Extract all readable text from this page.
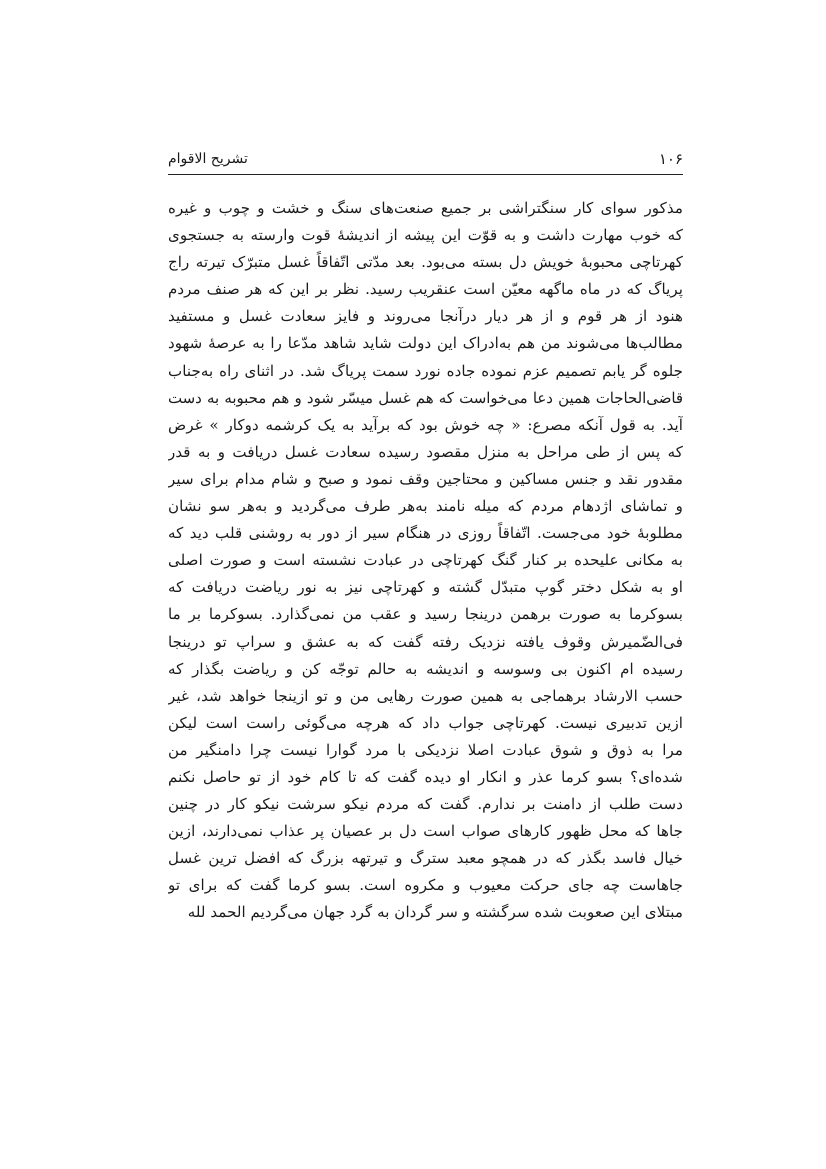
۱۰۶
تشریح الاقوام
مذکور سوای کار سنگتراشی بر جمیع صنعت‌های سنگ و خشت و چوب و غیره
که خوب مهارت داشت و به قوّت این پیشه از اندیشهٔ قوت وارسته به جستجوی
کهرتاچی محبوبهٔ خویش دل بسته می‌بود. بعد مدّتی اتّفاقاً غسل متبرّک تیرته راج
پریاگ که در ماه ماگهه معیّن است عنقریب رسید. نظر بر این که هر صنف مردم
هنود از هر قوم و از هر دیار درآنجا می‌روند و فایز سعادت غسل و مستفید
مطالب‌ها می‌شوند من هم به‌ادراک این دولت شاید شاهد مدّعا را به عرصهٔ شهود
جلوه گر یابم تصمیم عزم نموده جاده نورد سمت پریاگ شد. در اثنای راه به‌جناب
قاضی‌الحاجات همین دعا می‌خواست که هم غسل میسّر شود و هم محبوبه به دست
آید. به قول آنکه مصرع: « چه خوش بود که برآید به یک کرشمه دوکار » غرض
که پس از طی مراحل به منزل مقصود رسیده سعادت غسل دریافت و به قدر
مقدور نقد و جنس مساکین و محتاجین وقف نمود و صبح و شام مدام برای سیر
و تماشای اژدهام مردم که میله نامند به‌هر طرف می‌گردید و به‌هر سو نشان
مطلوبهٔ خود می‌جست. اتّفاقاً روزی در هنگام سیر از دور به روشنی قلب دید که
به مکانی علیحده بر کنار گنگ کهرتاچی در عبادت نشسته است و صورت اصلی
او به شکل دختر گوپ متبدّل گشته و کهرتاچی نیز به نور ریاضت دریافت که
بسوکرما به صورت برهمن درینجا رسید و عقب من نمی‌گذارد. بسوکرما بر ما
فی‌الضّمیرش وقوف یافته نزدیک رفته گفت که به عشق و سراپ تو درینجا
رسیده ام اکنون بی وسوسه و اندیشه به حالم توجّه کن و ریاضت بگذار که
حسب الارشاد برهماجی به همین صورت رهایی من و تو ازینجا خواهد شد، غیر
ازین تدبیری نیست. کهرتاچی جواب داد که هرچه می‌گوئی راست است لیکن
مرا به ذوق و شوق عبادت اصلا نزدیکی با مرد گوارا نیست چرا دامنگیر من
شده‌ای؟ بسو کرما عذر و انکار او دیده گفت که تا کام خود از تو حاصل نکنم
دست طلب از دامنت بر ندارم. گفت که مردم نیکو سرشت نیکو کار در چنین
جاها که محل ظهور کارهای صواب است دل بر عصیان پر عذاب نمی‌دارند، ازین
خیال فاسد بگذر که در همچو معبد سترگ و تیرتهه بزرگ که افضل ترین غسل
جاهاست چه جای حرکت معیوب و مکروه است. بسو کرما گفت که برای تو
مبتلای این صعوبت شده سرگشته و سر گردان به گرد جهان می‌گردیم الحمد لله
